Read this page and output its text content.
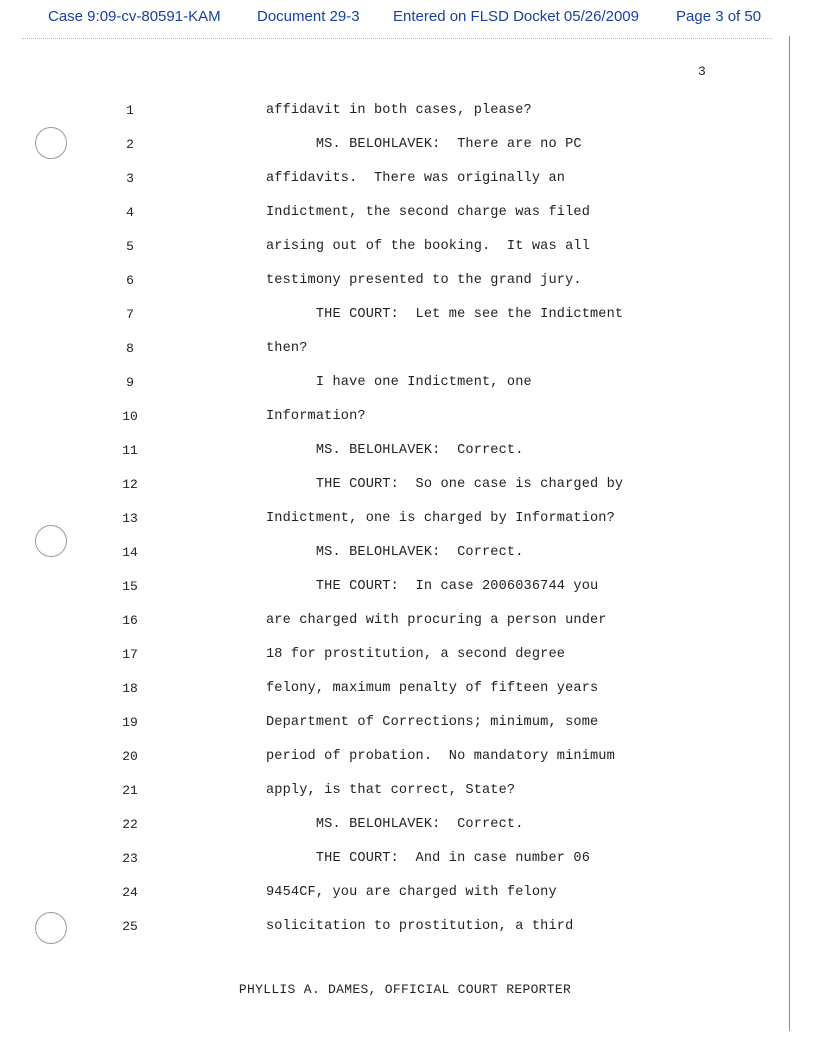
Case 9:09-cv-80591-KAM Document 29-3 Entered on FLSD Docket 05/26/2009 Page 3 of 50
3
1	affidavit in both cases, please?
2	MS. BELOHLAVEK:  There are no PC
3	affidavits.  There was originally an
4	Indictment, the second charge was filed
5	arising out of the booking.  It was all
6	testimony presented to the grand jury.
7	THE COURT:  Let me see the Indictment
8	then?
9	I have one Indictment, one
10	Information?
11	MS. BELOHLAVEK:  Correct.
12	THE COURT:  So one case is charged by
13	Indictment, one is charged by Information?
14	MS. BELOHLAVEK:  Correct.
15	THE COURT:  In case 2006036744 you
16	are charged with procuring a person under
17	18 for prostitution, a second degree
18	felony, maximum penalty of fifteen years
19	Department of Corrections; minimum, some
20	period of probation.  No mandatory minimum
21	apply, is that correct, State?
22	MS. BELOHLAVEK:  Correct.
23	THE COURT:  And in case number 06
24	9454CF, you are charged with felony
25	solicitation to prostitution, a third
PHYLLIS A. DAMES, OFFICIAL COURT REPORTER
